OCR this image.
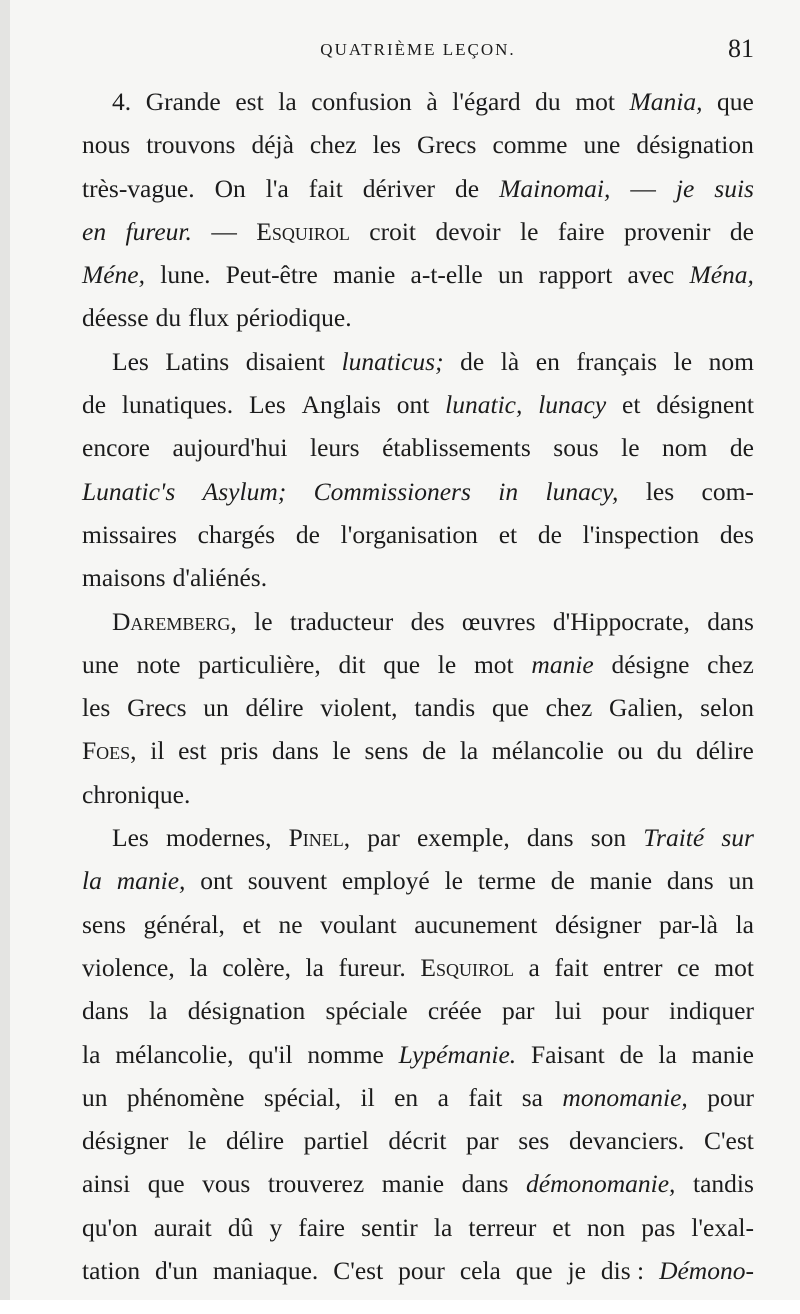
QUATRIÈME LEÇON.	81
4. Grande est la confusion à l'égard du mot Mania, que
nous trouvons déjà chez les Grecs comme une désignation
très-vague. On l'a fait dériver de Mainomai, — je suis
en fureur. — Esquirol croit devoir le faire provenir de
Méne, lune. Peut-être manie a-t-elle un rapport avec Ména,
déesse du flux périodique.
Les Latins disaient lunaticus; de là en français le nom
de lunatiques. Les Anglais ont lunatic, lunacy et désignent
encore aujourd'hui leurs établissements sous le nom de
Lunatic's Asylum; Commissioners in lunacy, les com-
missaires chargés de l'organisation et de l'inspection des
maisons d'aliénés.
Daremberg, le traducteur des œuvres d'Hippocrate, dans
une note particulière, dit que le mot manie désigne chez
les Grecs un délire violent, tandis que chez Galien, selon
Foes, il est pris dans le sens de la mélancolie ou du délire
chronique.
Les modernes, Pinel, par exemple, dans son Traité sur
la manie, ont souvent employé le terme de manie dans un
sens général, et ne voulant aucunement désigner par-là la
violence, la colère, la fureur. Esquirol a fait entrer ce mot
dans la désignation spéciale créée par lui pour indiquer
la mélancolie, qu'il nomme Lypémanie. Faisant de la manie
un phénomène spécial, il en a fait sa monomanie, pour
désigner le délire partiel décrit par ses devanciers. C'est
ainsi que vous trouverez manie dans démonomanie, tandis
qu'on aurait dû y faire sentir la terreur et non pas l'exal-
tation d'un maniaque. C'est pour cela que je dis : Démono-
